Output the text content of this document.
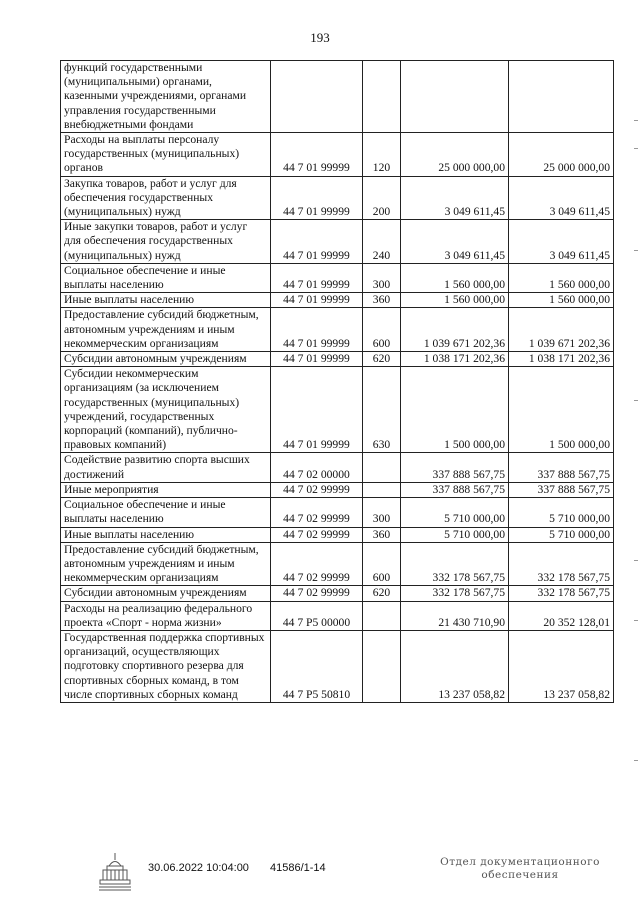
193
функций государственными (муниципальными) органами, казенными учреждениями, органами управления государственными внебюджетными фондами				
Расходы на выплаты персоналу государственных (муниципальных) органов	44 7 01 99999	120	25 000 000,00	25 000 000,00
Закупка товаров, работ и услуг для обеспечения государственных (муниципальных) нужд	44 7 01 99999	200	3 049 611,45	3 049 611,45
Иные закупки товаров, работ и услуг для обеспечения государственных (муниципальных) нужд	44 7 01 99999	240	3 049 611,45	3 049 611,45
Социальное обеспечение и иные выплаты населению	44 7 01 99999	300	1 560 000,00	1 560 000,00
Иные выплаты населению	44 7 01 99999	360	1 560 000,00	1 560 000,00
Предоставление субсидий бюджетным, автономным учреждениям и иным некоммерческим организациям	44 7 01 99999	600	1 039 671 202,36	1 039 671 202,36
Субсидии автономным учреждениям	44 7 01 99999	620	1 038 171 202,36	1 038 171 202,36
Субсидии некоммерческим организациям (за исключением государственных (муниципальных) учреждений, государственных корпораций (компаний), публично-правовых компаний)	44 7 01 99999	630	1 500 000,00	1 500 000,00
Содействие развитию спорта высших достижений	44 7 02 00000		337 888 567,75	337 888 567,75
Иные мероприятия	44 7 02 99999		337 888 567,75	337 888 567,75
Социальное обеспечение и иные выплаты населению	44 7 02 99999	300	5 710 000,00	5 710 000,00
Иные выплаты населению	44 7 02 99999	360	5 710 000,00	5 710 000,00
Предоставление субсидий бюджетным, автономным учреждениям и иным некоммерческим организациям	44 7 02 99999	600	332 178 567,75	332 178 567,75
Субсидии автономным учреждениям	44 7 02 99999	620	332 178 567,75	332 178 567,75
Расходы на реализацию федерального проекта «Спорт - норма жизни»	44 7 P5 00000		21 430 710,90	20 352 128,01
Государственная поддержка спортивных организаций, осуществляющих подготовку спортивного резерва для спортивных сборных команд, в том числе спортивных сборных команд	44 7 P5 50810		13 237 058,82	13 237 058,82
30.06.2022 10:04:00 41586/1-14	Отдел документационного
обеспечения
